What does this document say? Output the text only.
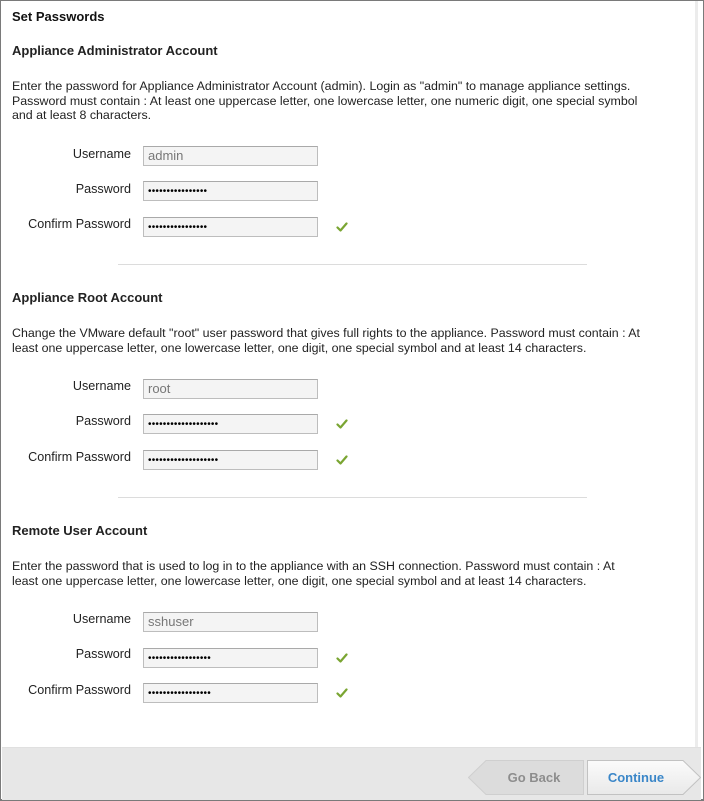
Set Passwords
Appliance Administrator Account
Enter the password for Appliance Administrator Account (admin). Login as "admin" to manage appliance settings.
Password must contain : At least one uppercase letter, one lowercase letter, one numeric digit, one special symbol
and at least 8 characters.
Username	admin
Password	••••••••••••••••
Confirm Password	••••••••••••••••
Appliance Root Account
Change the VMware default "root" user password that gives full rights to the appliance. Password must contain : At
least one uppercase letter, one lowercase letter, one digit, one special symbol and at least 14 characters.
Username	root
Password	•••••••••••••••••••
Confirm Password	•••••••••••••••••••
Remote User Account
Enter the password that is used to log in to the appliance with an SSH connection. Password must contain : At
least one uppercase letter, one lowercase letter, one digit, one special symbol and at least 14 characters.
Username	sshuser
Password	•••••••••••••••••
Confirm Password	•••••••••••••••••
Go Back	Continue
